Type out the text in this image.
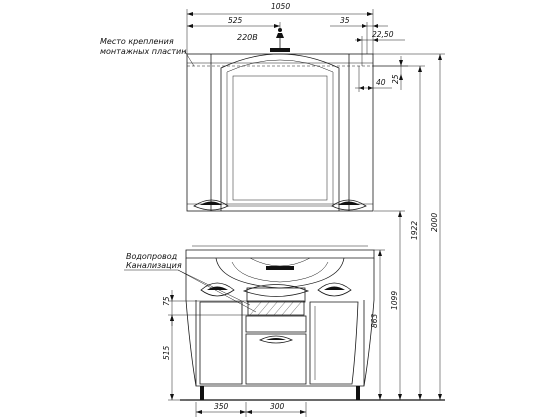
1050
525	35
22,50
40 25
2000
1922
1099
863
75
515
350	300
220В
Место крепления
монтажных пластин
Водопровод
Канализация
